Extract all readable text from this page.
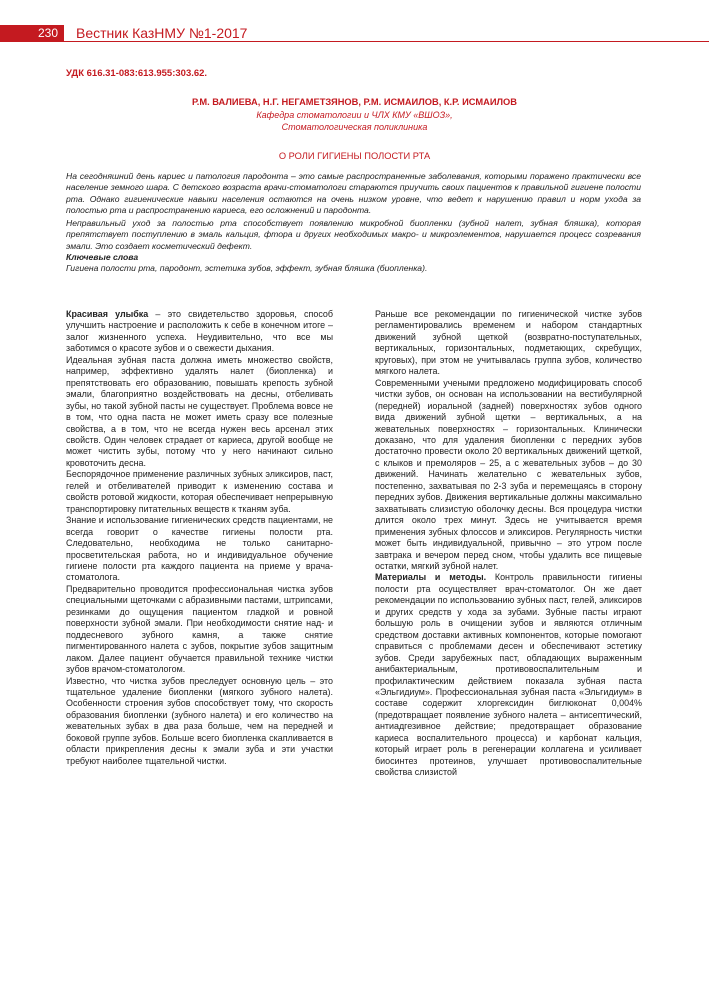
230 Вестник КазНМУ №1-2017
УДК 616.31-083:613.955:303.62.
Р.М. ВАЛИЕВА, Н.Г. НЕГАМЕТЗЯНОВ, Р.М. ИСМАИЛОВ, К.Р. ИСМАИЛОВ
Кафедра стоматологии и ЧЛХ КМУ «ВШОЗ»,
Стоматологическая поликлиника
О РОЛИ ГИГИЕНЫ ПОЛОСТИ РТА

На сегодняшний день кариес и патология пародонта – это самые распространенные заболевания, которыми поражено практически все население земного шара. С детского возраста врачи-стоматологи стараются приучить своих пациентов к правильной гигиене полости рта. Однако гигиенические навыки населения остаются на очень низком уровне, что ведет к нарушению правил и норм ухода за полостью рта и распространению кариеса, его осложнений и пародонта.

Неправильный уход за полостью рта способствует появлению микробной биопленки (зубной налет, зубная бляшка), которая препятствует поступлению в эмаль кальция, фтора и других необходимых макро- и микроэлементов, нарушается процесс созревания эмали. Это создает косметический дефект.

Ключевые слова
Гигиена полости рта, пародонт, эстетика зубов, эффект, зубная бляшка (биопленка).

Красивая улыбка – это свидетельство здоровья, способ улучшить настроение и расположить к себе в конечном итоге – залог жизненного успеха. Неудивительно, что все мы заботимся о красоте зубов и о свежести дыхания.

Идеальная зубная паста должна иметь множество свойств, например, эффективно удалять налет (биопленка) и препятствовать его образованию, повышать крепость зубной эмали, благоприятно воздействовать на десны, отбеливать зубы, но такой зубной пасты не существует. Проблема вовсе не в том, что одна паста не может иметь сразу все полезные свойства, а в том, что не всегда нужен весь арсенал этих свойств. Один человек страдает от кариеса, другой вообще не может чистить зубы, потому что у него начинают сильно кровоточить десна.

Беспорядочное применение различных зубных эликсиров, паст, гелей и отбеливателей приводит к изменению состава и свойств ротовой жидкости, которая обеспечивает непрерывную транспортировку питательных веществ к тканям зуба.

Знание и использование гигиенических средств пациентами, не всегда говорит о качестве гигиены полости рта. Следовательно, необходима не только санитарно-просветительская работа, но и индивидуальное обучение гигиене полости рта каждого пациента на приеме у врача-стоматолога.

Предварительно проводится профессиональная чистка зубов специальными щеточками с абразивными пастами, штрипсами, резинками до ощущения пациентом гладкой и ровной поверхности зубной эмали. При необходимости снятие над- и поддесневого зубного камня, а также снятие пигментированного налета с зубов, покрытие зубов защитным лаком. Далее пациент обучается правильной технике чистки зубов врачом-стоматологом.

Известно, что чистка зубов преследует основную цель – это тщательное удаление биопленки (мягкого зубного налета). Особенности строения зубов способствует тому, что скорость образования биопленки (зубного налета) и его количество на жевательных зубах в два раза больше, чем на передней и боковой группе зубов. Больше всего биопленка скапливается в области прикрепления десны к эмали зуба и эти участки требуют наиболее тщательной чистки.

Раньше все рекомендации по гигиенической чистке зубов регламентировались временем и набором стандартных движений зубной щеткой (возвратно-поступательных, вертикальных, горизонтальных, подметающих, скребущих, круговых), при этом не учитывалась группа зубов, количество мягкого налета.

Современными учеными предложено модифицировать способ чистки зубов, он основан на использовании на вестибулярной (передней) иоральной (задней) поверхностях зубов одного вида движений зубной щетки – вертикальных, а на жевательных поверхностях – горизонтальных. Клинически доказано, что для удаления биопленки с передних зубов достаточно провести около 20 вертикальных движений щеткой, с клыков и премоляров – 25, а с жевательных зубов – до 30 движений. Начинать желательно с жевательных зубов, постепенно, захватывая по 2-3 зуба и перемещаясь в сторону передних зубов. Движения вертикальные должны максимально захватывать слизистую оболочку десны. Вся процедура чистки длится около трех минут. Здесь не учитывается время применения зубных флоссов и эликсиров. Регулярность чистки может быть индивидуальной, привычно – это утром после завтрака и вечером перед сном, чтобы удалить все пищевые остатки, мягкий зубной налет.

Материалы и методы. Контроль правильности гигиены полости рта осуществляет врач-стоматолог. Он же дает рекомендации по использованию зубных паст, гелей, эликсиров и других средств у хода за зубами. Зубные пасты играют большую роль в очищении зубов и являются отличным средством доставки активных компонентов, которые помогают справиться с проблемами десен и обеспечивают эстетику зубов. Среди зарубежных паст, обладающих выраженным анибактериальным, противовоспалительным и профилактическим действием показала зубная паста «Эльгидиум». Профессиональная зубная паста «Эльгидиум» в составе содержит хлоргексидин биглюконат 0,004% (предотвращает появление зубного налета – антисептический, антиадгезивное действие; предотвращает образование кариеса воспалительного процесса) и карбонат кальция, который играет роль в регенерации коллагена и усиливает биосинтез протеинов, улучшает противовоспалительные свойства слизистой
